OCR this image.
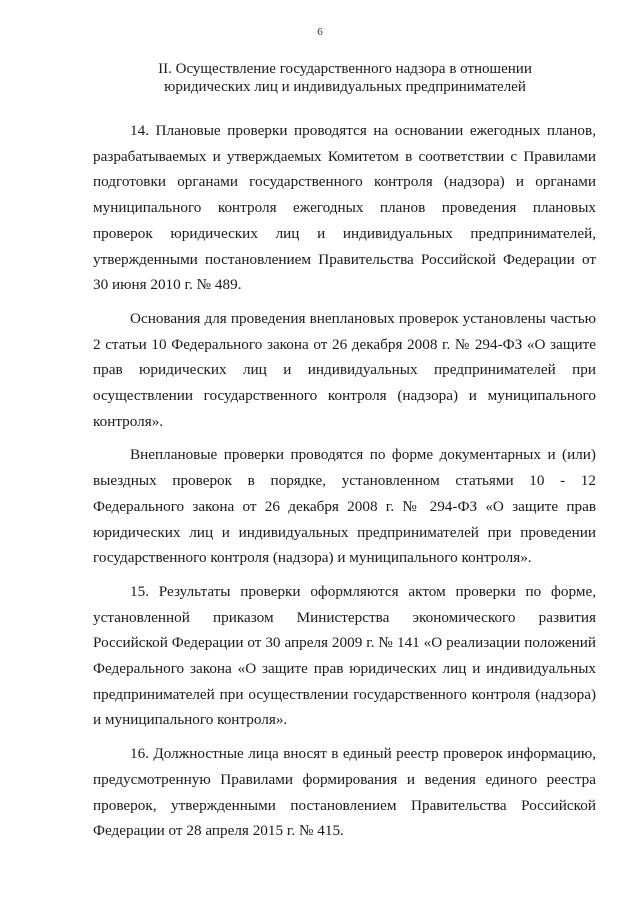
6
II. Осуществление государственного надзора в отношении
юридических лиц и индивидуальных предпринимателей

14. Плановые проверки проводятся на основании ежегодных планов, разрабатываемых и утверждаемых Комитетом в соответствии с Правилами подготовки органами государственного контроля (надзора) и органами муниципального контроля ежегодных планов проведения плановых проверок юридических лиц и индивидуальных предпринимателей, утвержденными постановлением Правительства Российской Федерации от 30 июня 2010 г. № 489.

Основания для проведения внеплановых проверок установлены частью 2 статьи 10 Федерального закона от 26 декабря 2008 г. № 294-ФЗ «О защите прав юридических лиц и индивидуальных предпринимателей при осуществлении государственного контроля (надзора) и муниципального контроля».

Внеплановые проверки проводятся по форме документарных и (или) выездных проверок в порядке, установленном статьями 10 - 12 Федерального закона от 26 декабря 2008 г. № 294-ФЗ «О защите прав юридических лиц и индивидуальных предпринимателей при проведении государственного контроля (надзора) и муниципального контроля».

15. Результаты проверки оформляются актом проверки по форме, установленной приказом Министерства экономического развития Российской Федерации от 30 апреля 2009 г. № 141 «О реализации положений Федерального закона «О защите прав юридических лиц и индивидуальных предпринимателей при осуществлении государственного контроля (надзора) и муниципального контроля».

16. Должностные лица вносят в единый реестр проверок информацию, предусмотренную Правилами формирования и ведения единого реестра проверок, утвержденными постановлением Правительства Российской Федерации от 28 апреля 2015 г. № 415.
